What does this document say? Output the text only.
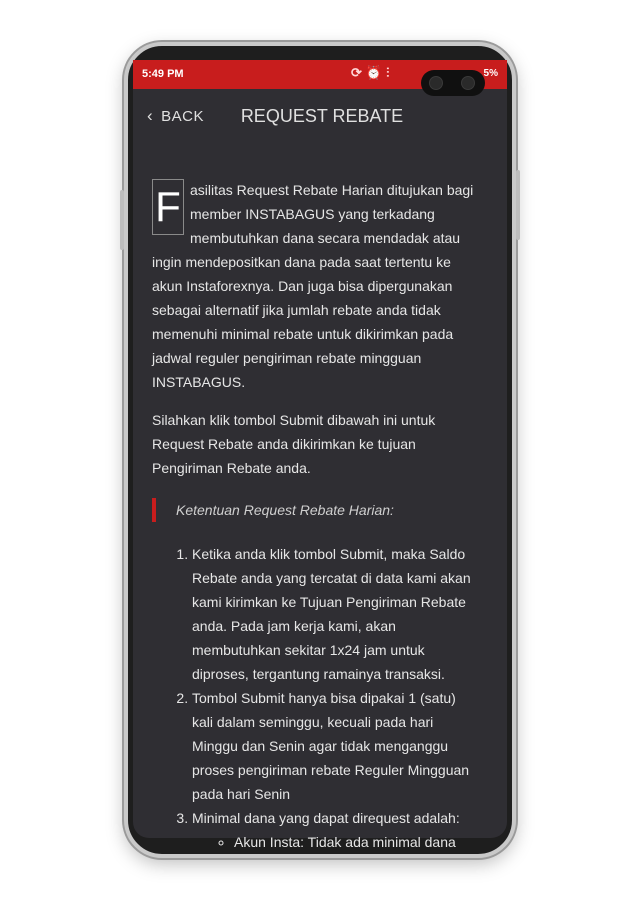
5:49 PM	⟳⏰⫶	5%
‹ BACK	REQUEST REBATE

F asilitas Request Rebate Harian ditujukan bagi member INSTABAGUS yang terkadang membutuhkan dana secara mendadak atau ingin mendepositkan dana pada saat tertentu ke akun Instaforexnya. Dan juga bisa dipergunakan sebagai alternatif jika jumlah rebate anda tidak memenuhi minimal rebate untuk dikirimkan pada jadwal reguler pengiriman rebate mingguan INSTABAGUS.

Silahkan klik tombol Submit dibawah ini untuk Request Rebate anda dikirimkan ke tujuan Pengiriman Rebate anda.

Ketentuan Request Rebate Harian:
1. Ketika anda klik tombol Submit, maka Saldo Rebate anda yang tercatat di data kami akan kami kirimkan ke Tujuan Pengiriman Rebate anda. Pada jam kerja kami, akan membutuhkan sekitar 1x24 jam untuk diproses, tergantung ramainya transaksi.
2. Tombol Submit hanya bisa dipakai 1 (satu) kali dalam seminggu, kecuali pada hari Minggu dan Senin agar tidak menganggu proses pengiriman rebate Reguler Mingguan pada hari Senin
3. Minimal dana yang dapat direquest adalah:
◦ Akun Insta: Tidak ada minimal dana
